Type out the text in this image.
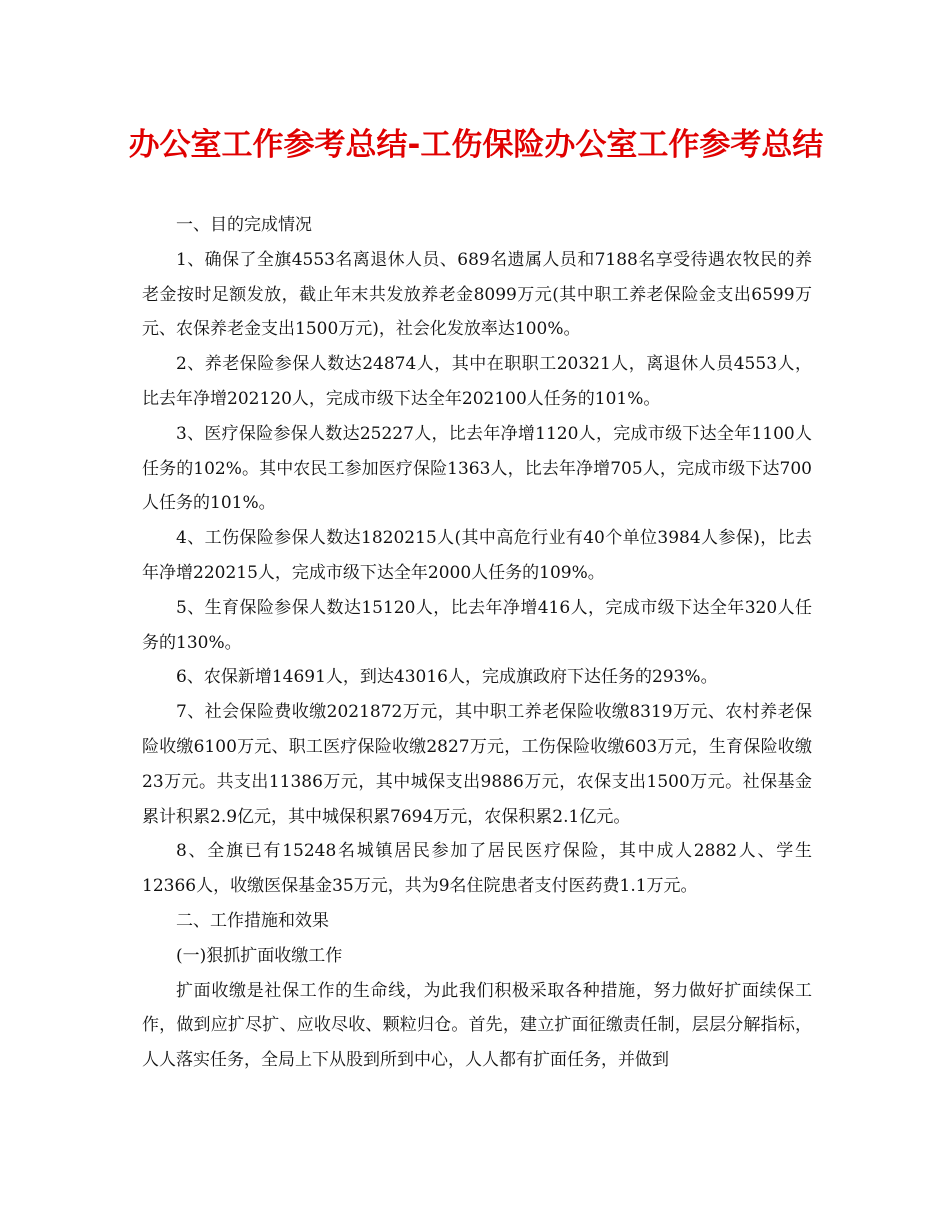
办公室工作参考总结-工伤保险办公室工作参考总结

一、目的完成情况

1、确保了全旗4553名离退休人员、689名遗属人员和7188名享受待遇农牧民的养老金按时足额发放，截止年末共发放养老金8099万元(其中职工养老保险金支出6599万元、农保养老金支出1500万元)，社会化发放率达100%。

2、养老保险参保人数达24874人，其中在职职工20321人，离退休人员4553人，比去年净增202120人，完成市级下达全年202100人任务的101%。

3、医疗保险参保人数达25227人，比去年净增1120人，完成市级下达全年1100人任务的102%。其中农民工参加医疗保险1363人，比去年净增705人，完成市级下达700人任务的101%。

4、工伤保险参保人数达1820215人(其中高危行业有40个单位3984人参保)，比去年净增220215人，完成市级下达全年2000人任务的109%。

5、生育保险参保人数达15120人，比去年净增416人，完成市级下达全年320人任务的130%。

6、农保新增14691人，到达43016人，完成旗政府下达任务的293%。

7、社会保险费收缴2021872万元，其中职工养老保险收缴8319万元、农村养老保险收缴6100万元、职工医疗保险收缴2827万元，工伤保险收缴603万元，生育保险收缴23万元。共支出11386万元，其中城保支出9886万元，农保支出1500万元。社保基金累计积累2.9亿元，其中城保积累7694万元，农保积累2.1亿元。

8、全旗已有15248名城镇居民参加了居民医疗保险，其中成人2882人、学生12366人，收缴医保基金35万元，共为9名住院患者支付医药费1.1万元。

二、工作措施和效果

(一)狠抓扩面收缴工作

扩面收缴是社保工作的生命线，为此我们积极采取各种措施，努力做好扩面续保工作，做到应扩尽扩、应收尽收、颗粒归仓。首先，建立扩面征缴责任制，层层分解指标，人人落实任务，全局上下从股到所到中心，人人都有扩面任务，并做到
